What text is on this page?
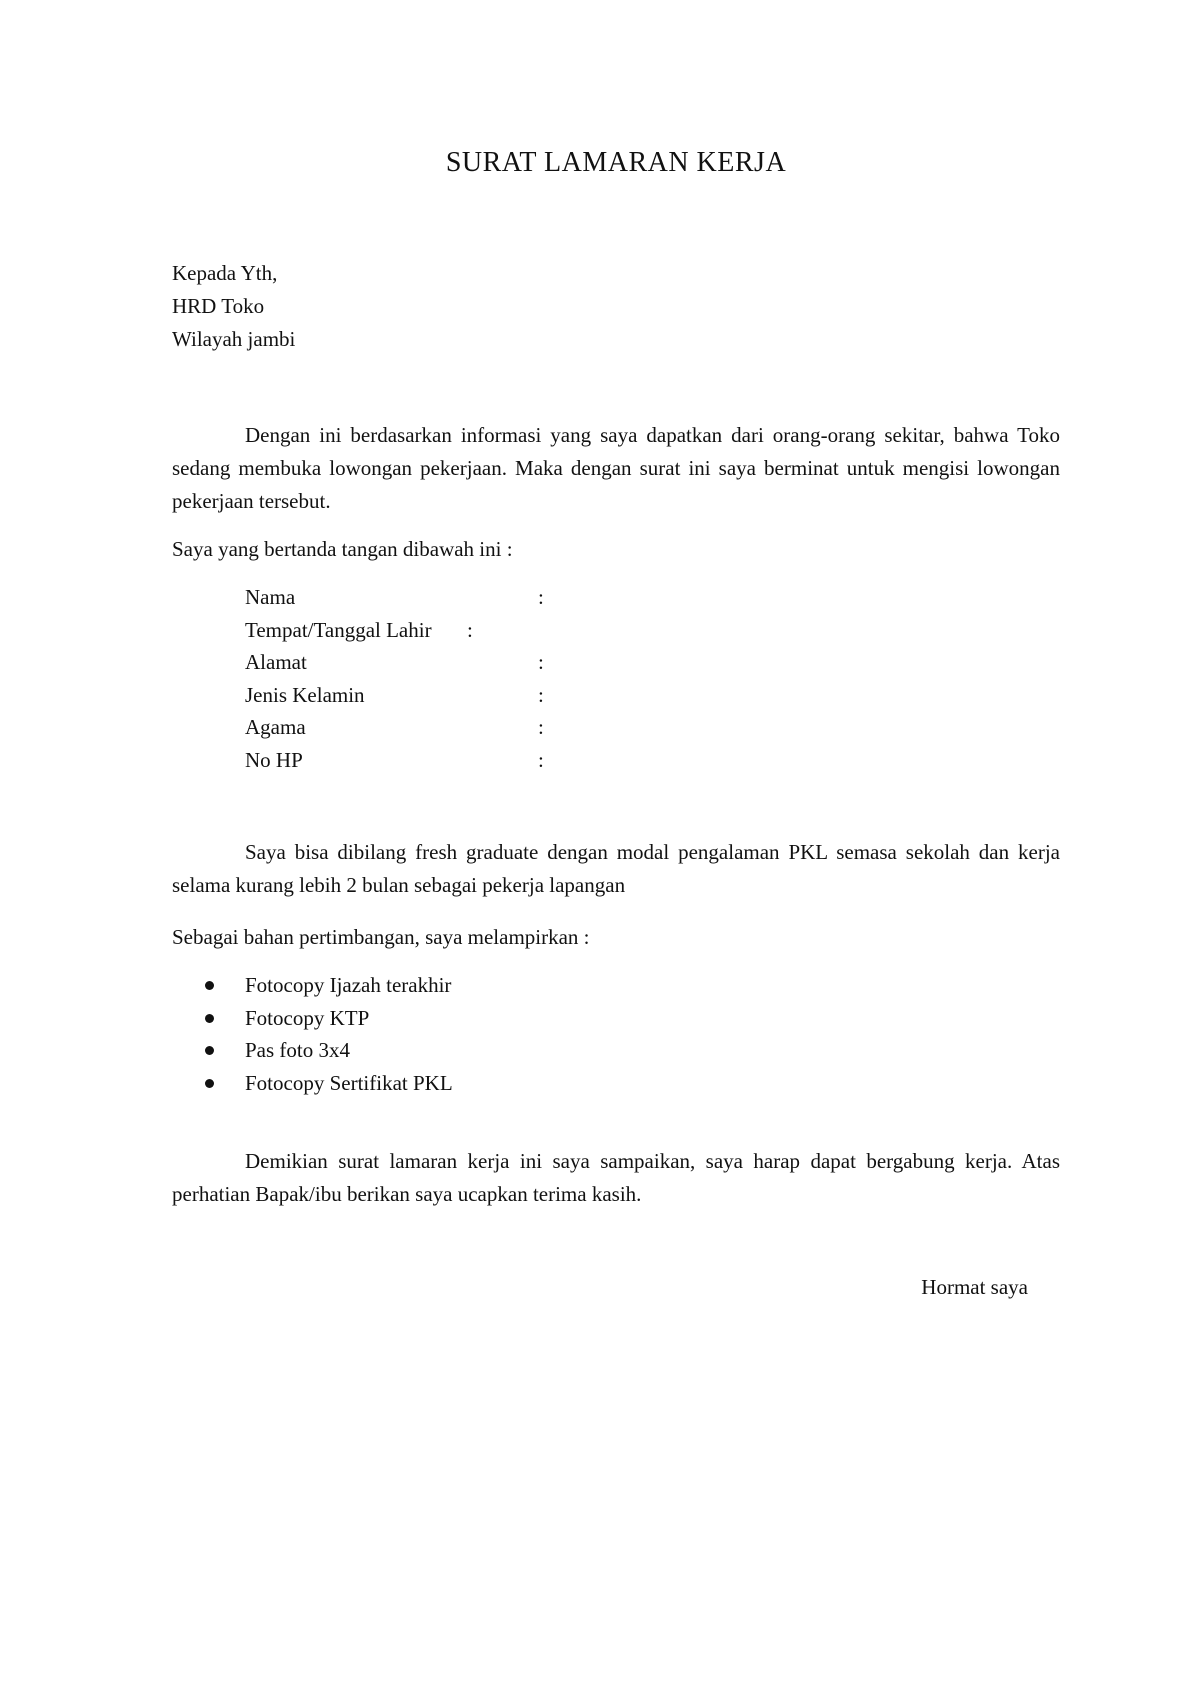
SURAT LAMARAN KERJA
Kepada Yth,
HRD Toko
Wilayah jambi
Dengan ini berdasarkan informasi yang saya dapatkan dari orang-orang sekitar, bahwa Toko sedang membuka lowongan pekerjaan. Maka dengan surat ini saya berminat untuk mengisi lowongan pekerjaan tersebut.
Saya yang bertanda tangan dibawah ini :
Nama	:
Tempat/Tanggal Lahir :
Alamat	:
Jenis Kelamin	:
Agama	:
No HP	:
Saya bisa dibilang fresh graduate dengan modal pengalaman PKL semasa sekolah dan kerja selama kurang lebih 2 bulan sebagai pekerja lapangan
Sebagai bahan pertimbangan, saya melampirkan :
Fotocopy Ijazah terakhir
Fotocopy KTP
Pas foto 3x4
Fotocopy Sertifikat PKL
Demikian surat lamaran kerja ini saya sampaikan, saya harap dapat bergabung kerja. Atas perhatian Bapak/ibu berikan saya ucapkan terima kasih.
Hormat saya
